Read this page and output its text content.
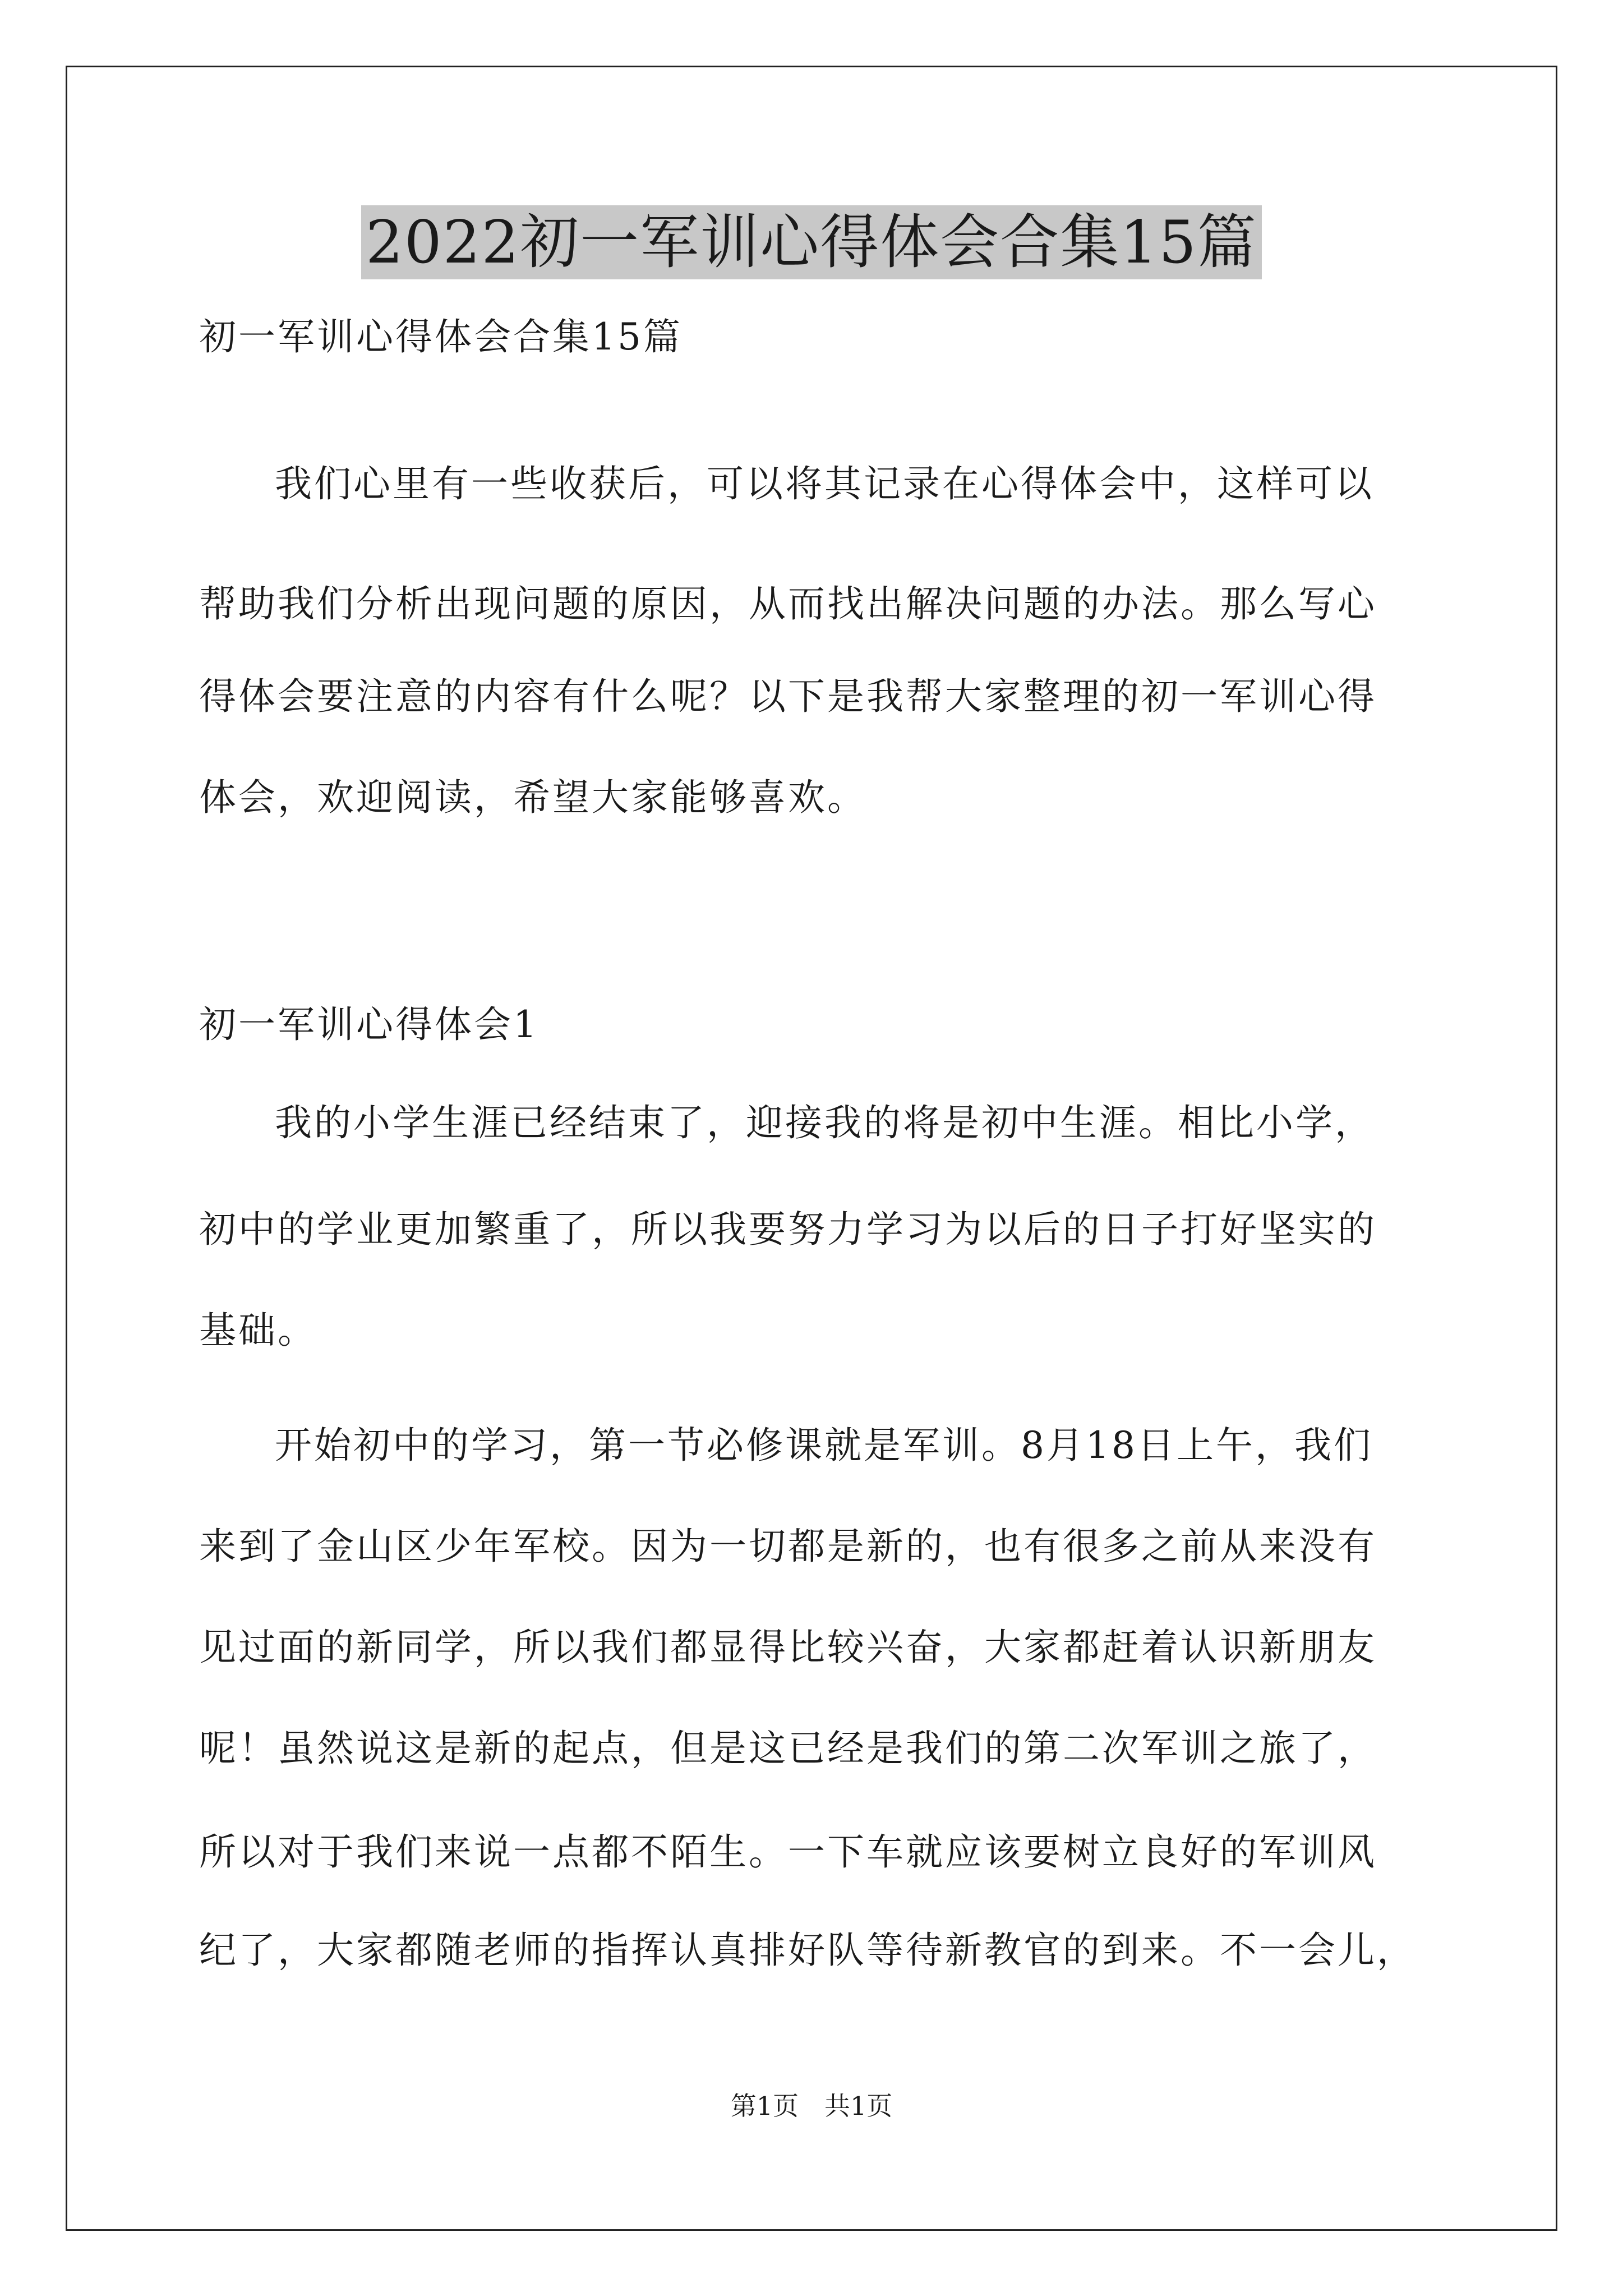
2022初一军训心得体会合集15篇
初一军训心得体会合集15篇
我们心里有一些收获后，可以将其记录在心得体会中，这样可以
帮助我们分析出现问题的原因，从而找出解决问题的办法。那么写心
得体会要注意的内容有什么呢？以下是我帮大家整理的初一军训心得
体会，欢迎阅读，希望大家能够喜欢。
初一军训心得体会1
我的小学生涯已经结束了，迎接我的将是初中生涯。相比小学，
初中的学业更加繁重了，所以我要努力学习为以后的日子打好坚实的
基础。
开始初中的学习，第一节必修课就是军训。8月18日上午，我们
来到了金山区少年军校。因为一切都是新的，也有很多之前从来没有
见过面的新同学，所以我们都显得比较兴奋，大家都赶着认识新朋友
呢！虽然说这是新的起点，但是这已经是我们的第二次军训之旅了，
所以对于我们来说一点都不陌生。一下车就应该要树立良好的军训风
纪了，大家都随老师的指挥认真排好队等待新教官的到来。不一会儿，
第1页　共1页
